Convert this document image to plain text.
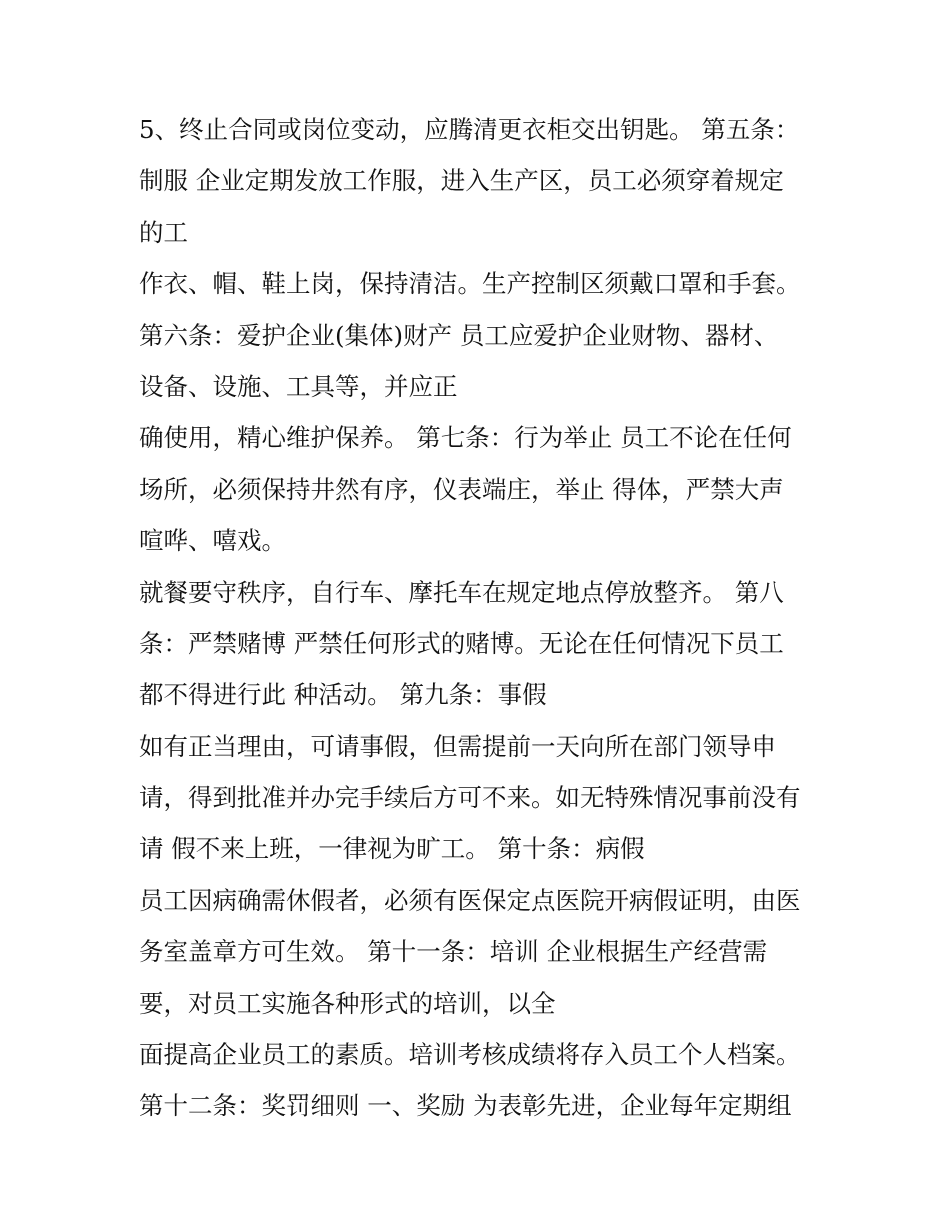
5、终止合同或岗位变动，应腾清更衣柜交出钥匙。 第五条：
制服 企业定期发放工作服，进入生产区，员工必须穿着规定
的工
作衣、帽、鞋上岗，保持清洁。生产控制区须戴口罩和手套。
第六条：爱护企业(集体)财产 员工应爱护企业财物、器材、
设备、设施、工具等，并应正
确使用，精心维护保养。 第七条：行为举止 员工不论在任何
场所，必须保持井然有序，仪表端庄，举止 得体，严禁大声
喧哗、嘻戏。
就餐要守秩序，自行车、摩托车在规定地点停放整齐。 第八
条：严禁赌博 严禁任何形式的赌博。无论在任何情况下员工
都不得进行此 种活动。 第九条：事假
如有正当理由，可请事假，但需提前一天向所在部门领导申
请，得到批准并办完手续后方可不来。如无特殊情况事前没有
请 假不来上班，一律视为旷工。 第十条：病假
员工因病确需休假者，必须有医保定点医院开病假证明，由医
务室盖章方可生效。 第十一条：培训 企业根据生产经营需
要，对员工实施各种形式的培训，以全
面提高企业员工的素质。培训考核成绩将存入员工个人档案。
第十二条：奖罚细则 一、奖励 为表彰先进，企业每年定期组
